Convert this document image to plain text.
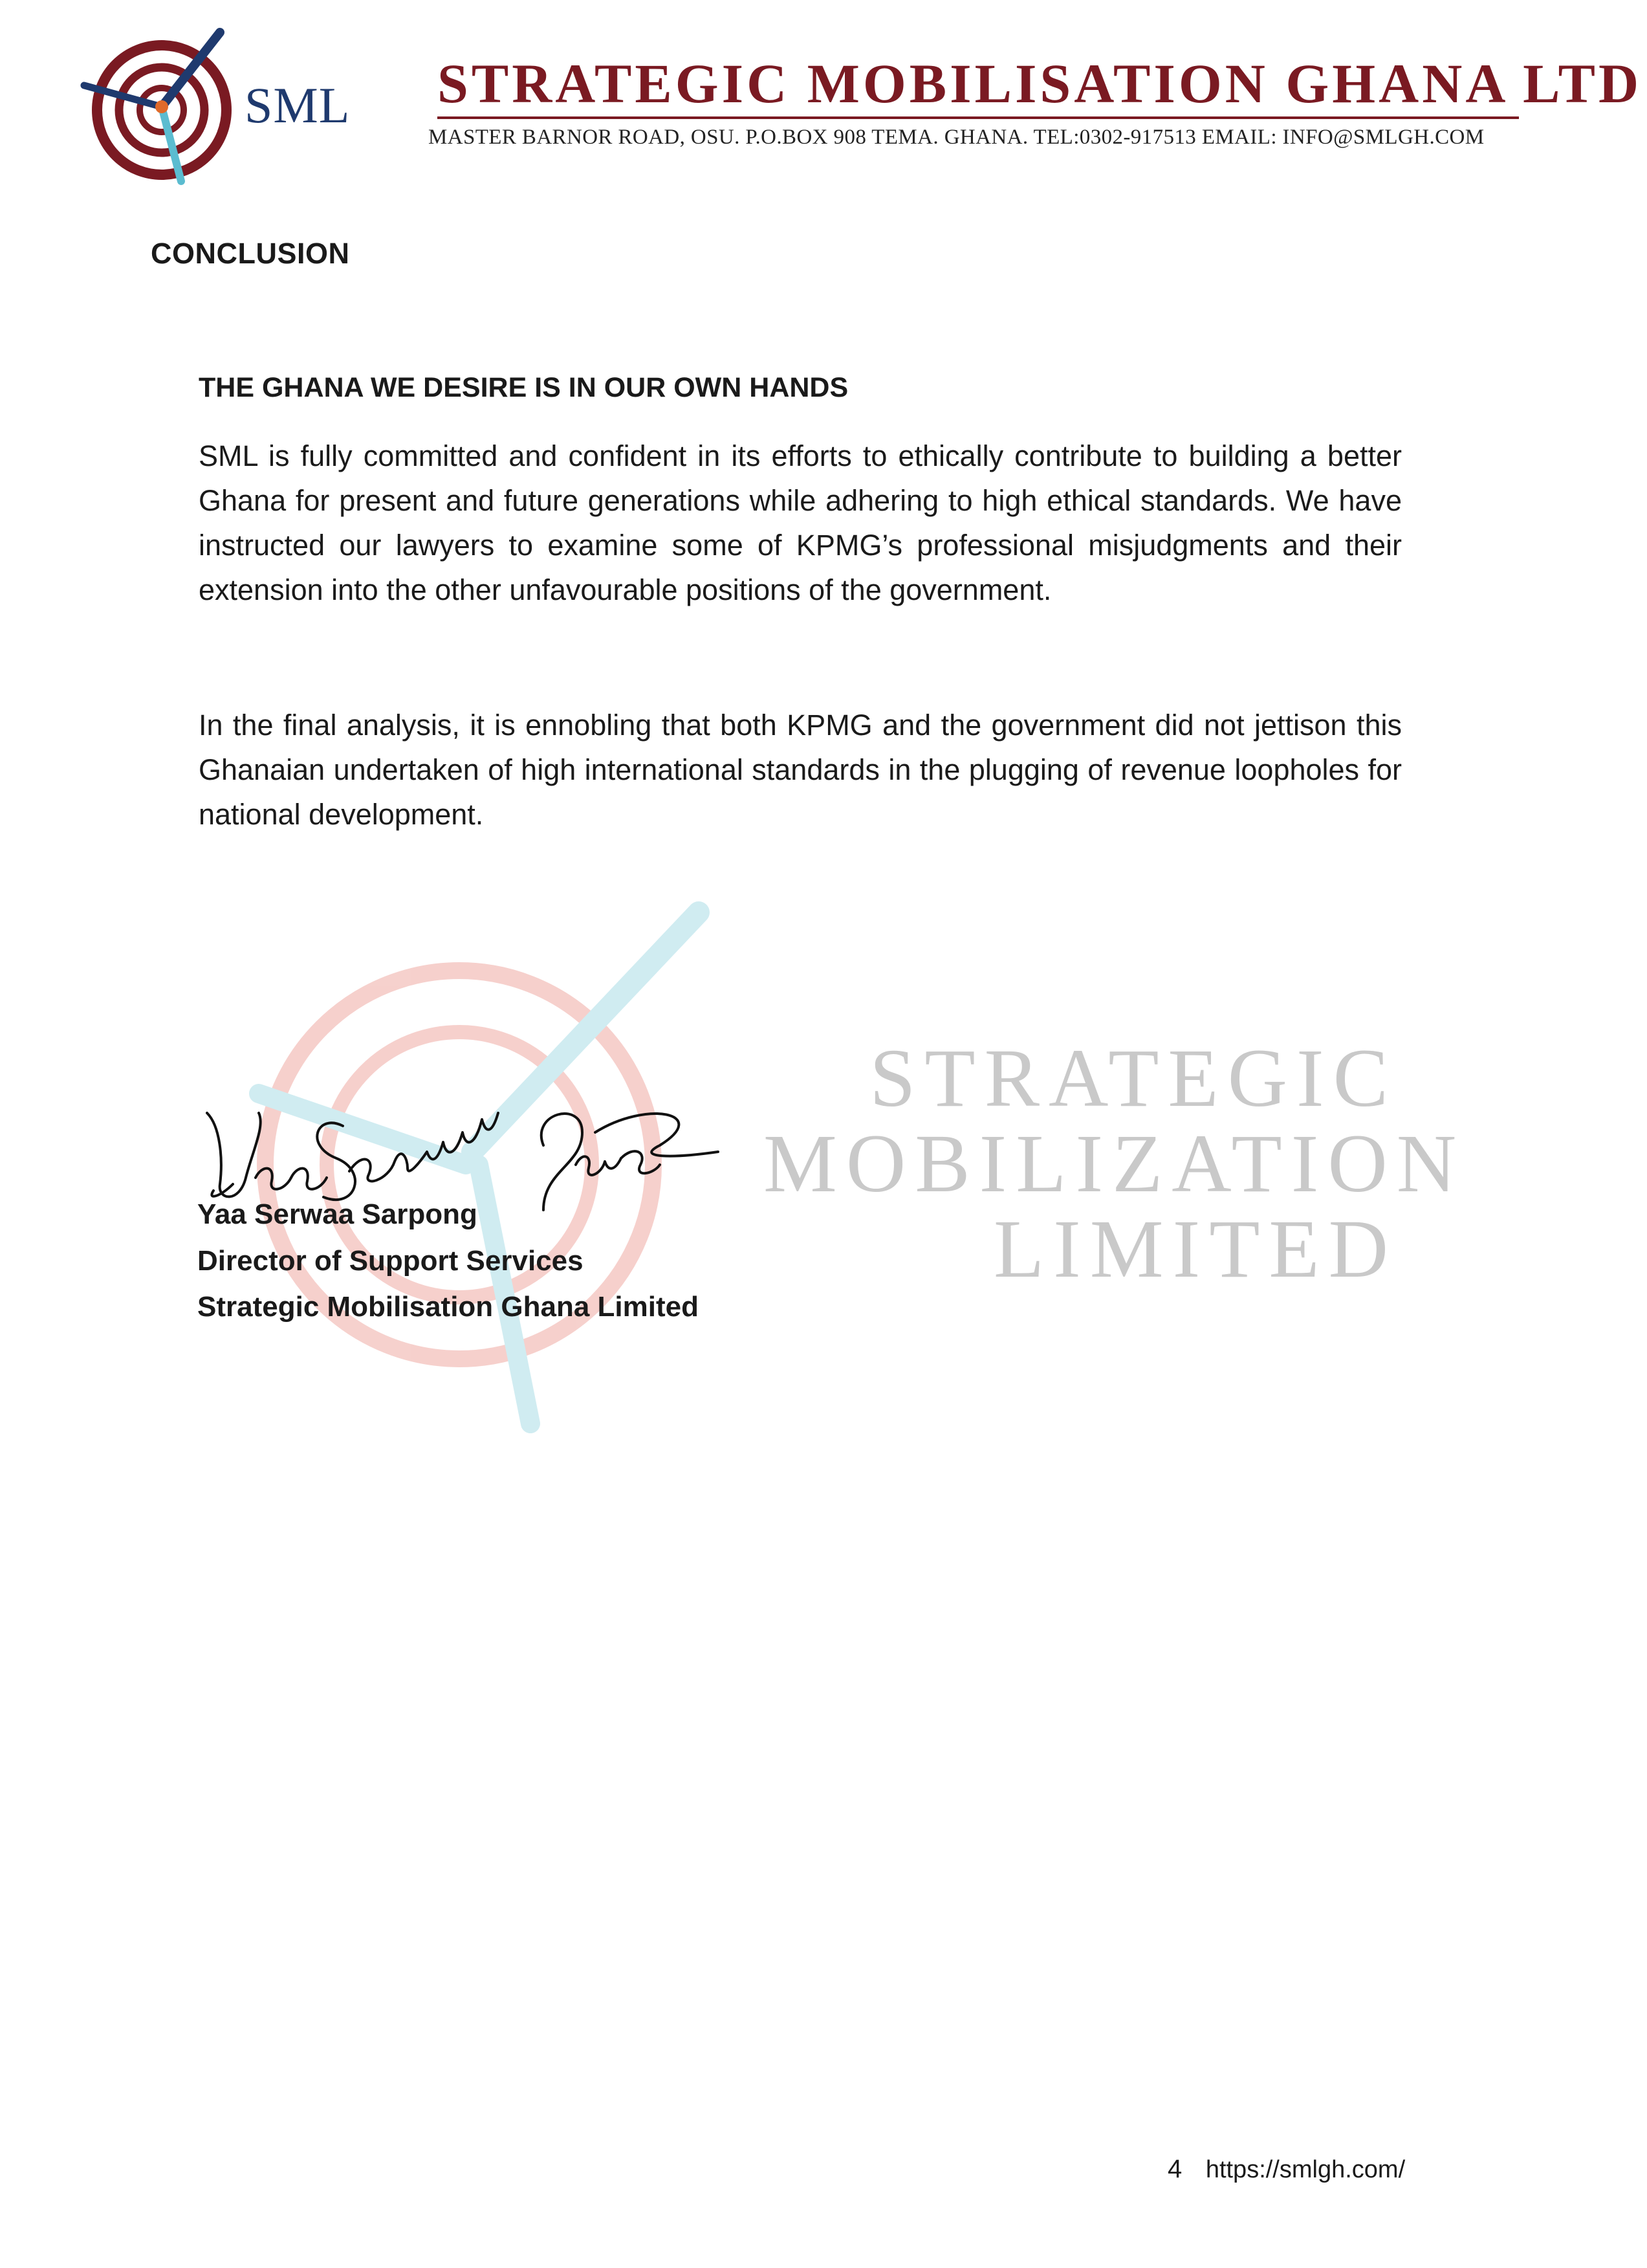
SML STRATEGIC MOBILISATION GHANA LTD
MASTER BARNOR ROAD, OSU. P.O.BOX 908 TEMA. GHANA. TEL:0302-917513 EMAIL: INFO@SMLGH.COM
STRATEGIC
MOBILIZATION
LIMITED
CONCLUSION
THE GHANA WE DESIRE IS IN OUR OWN HANDS

SML is fully committed and confident in its efforts to ethically contribute to building a better Ghana for present and future generations while adhering to high ethical standards. We have instructed our lawyers to examine some of KPMG’s professional misjudgments and their extension into the other unfavourable positions of the government.

In the final analysis, it is ennobling that both KPMG and the government did not jettison this Ghanaian undertaken of high international standards in the plugging of revenue loopholes for national development.

Yaa Serwaa Sarpong
Director of Support Services
Strategic Mobilisation Ghana Limited
4 https://smlgh.com/
